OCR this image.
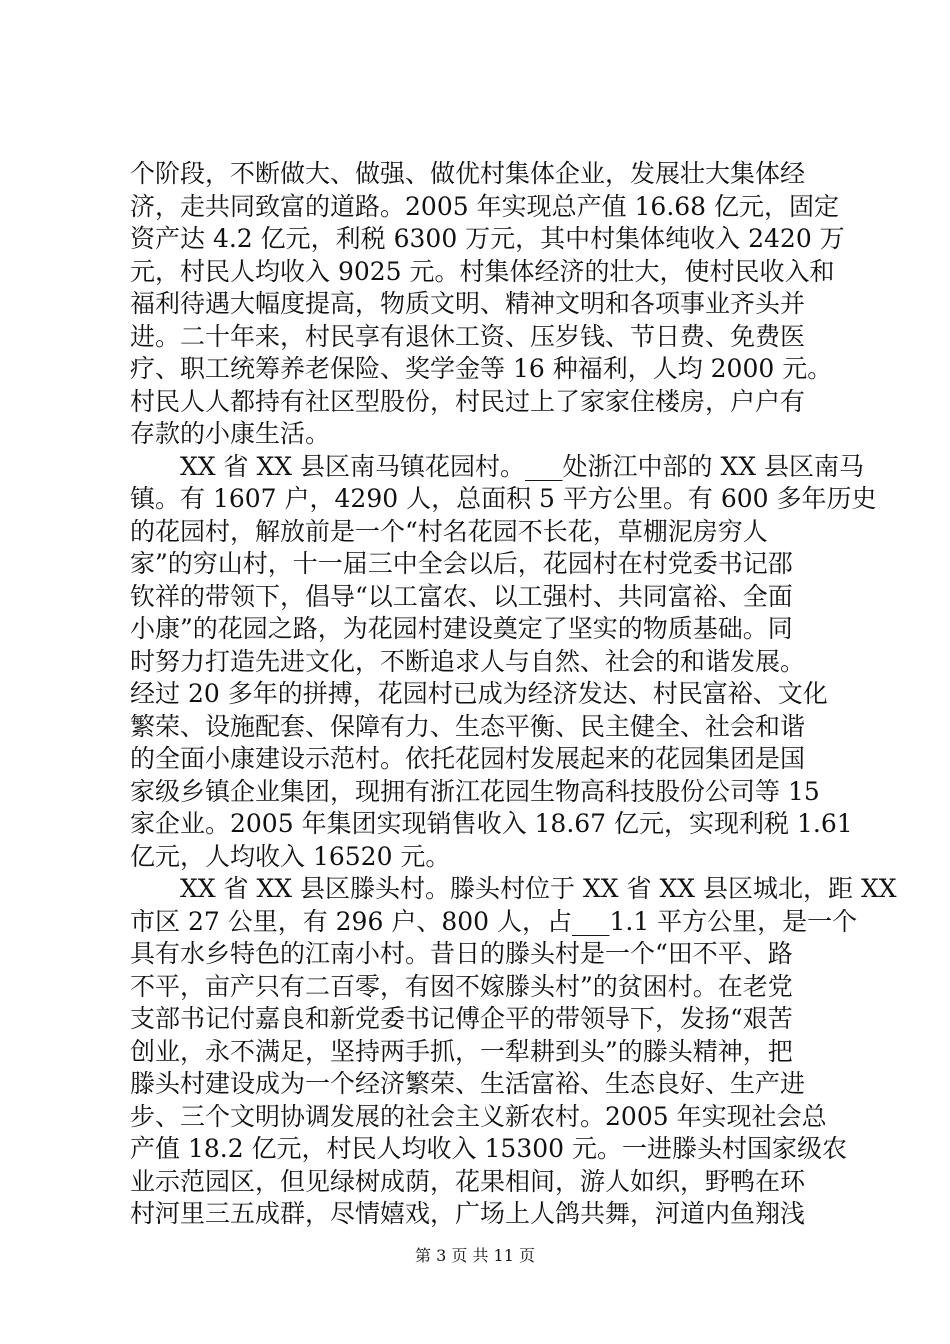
个阶段，不断做大、做强、做优村集体企业，发展壮大集体经
济，走共同致富的道路。2005 年实现总产值 16.68 亿元，固定
资产达 4.2 亿元，利税 6300 万元，其中村集体纯收入 2420 万
元，村民人均收入 9025 元。村集体经济的壮大，使村民收入和
福利待遇大幅度提高，物质文明、精神文明和各项事业齐头并
进。二十年来，村民享有退休工资、压岁钱、节日费、免费医
疗、职工统筹养老保险、奖学金等 16 种福利，人均 2000 元。
村民人人都持有社区型股份，村民过上了家家住楼房，户户有
存款的小康生活。
XX 省 XX 县区南马镇花园村。___处浙江中部的 XX 县区南马
镇。有 1607 户，4290 人，总面积 5 平方公里。有 600 多年历史
的花园村，解放前是一个“村名花园不长花，草棚泥房穷人
家”的穷山村，十一届三中全会以后，花园村在村党委书记邵
钦祥的带领下，倡导“以工富农、以工强村、共同富裕、全面
小康”的花园之路，为花园村建设奠定了坚实的物质基础。同
时努力打造先进文化，不断追求人与自然、社会的和谐发展。
经过 20 多年的拼搏，花园村已成为经济发达、村民富裕、文化
繁荣、设施配套、保障有力、生态平衡、民主健全、社会和谐
的全面小康建设示范村。依托花园村发展起来的花园集团是国
家级乡镇企业集团，现拥有浙江花园生物高科技股份公司等 15
家企业。2005 年集团实现销售收入 18.67 亿元，实现利税 1.61
亿元，人均收入 16520 元。
XX 省 XX 县区滕头村。滕头村位于 XX 省 XX 县区城北，距 XX
市区 27 公里，有 296 户、800 人，占___1.1 平方公里，是一个
具有水乡特色的江南小村。昔日的滕头村是一个“田不平、路
不平，亩产只有二百零，有囡不嫁滕头村”的贫困村。在老党
支部书记付嘉良和新党委书记傅企平的带领导下，发扬“艰苦
创业，永不满足，坚持两手抓，一犁耕到头”的滕头精神，把
滕头村建设成为一个经济繁荣、生活富裕、生态良好、生产进
步、三个文明协调发展的社会主义新农村。2005 年实现社会总
产值 18.2 亿元，村民人均收入 15300 元。一进滕头村国家级农
业示范园区，但见绿树成荫，花果相间，游人如织，野鸭在环
村河里三五成群，尽情嬉戏，广场上人鸽共舞，河道内鱼翔浅
第 3 页 共 11 页
